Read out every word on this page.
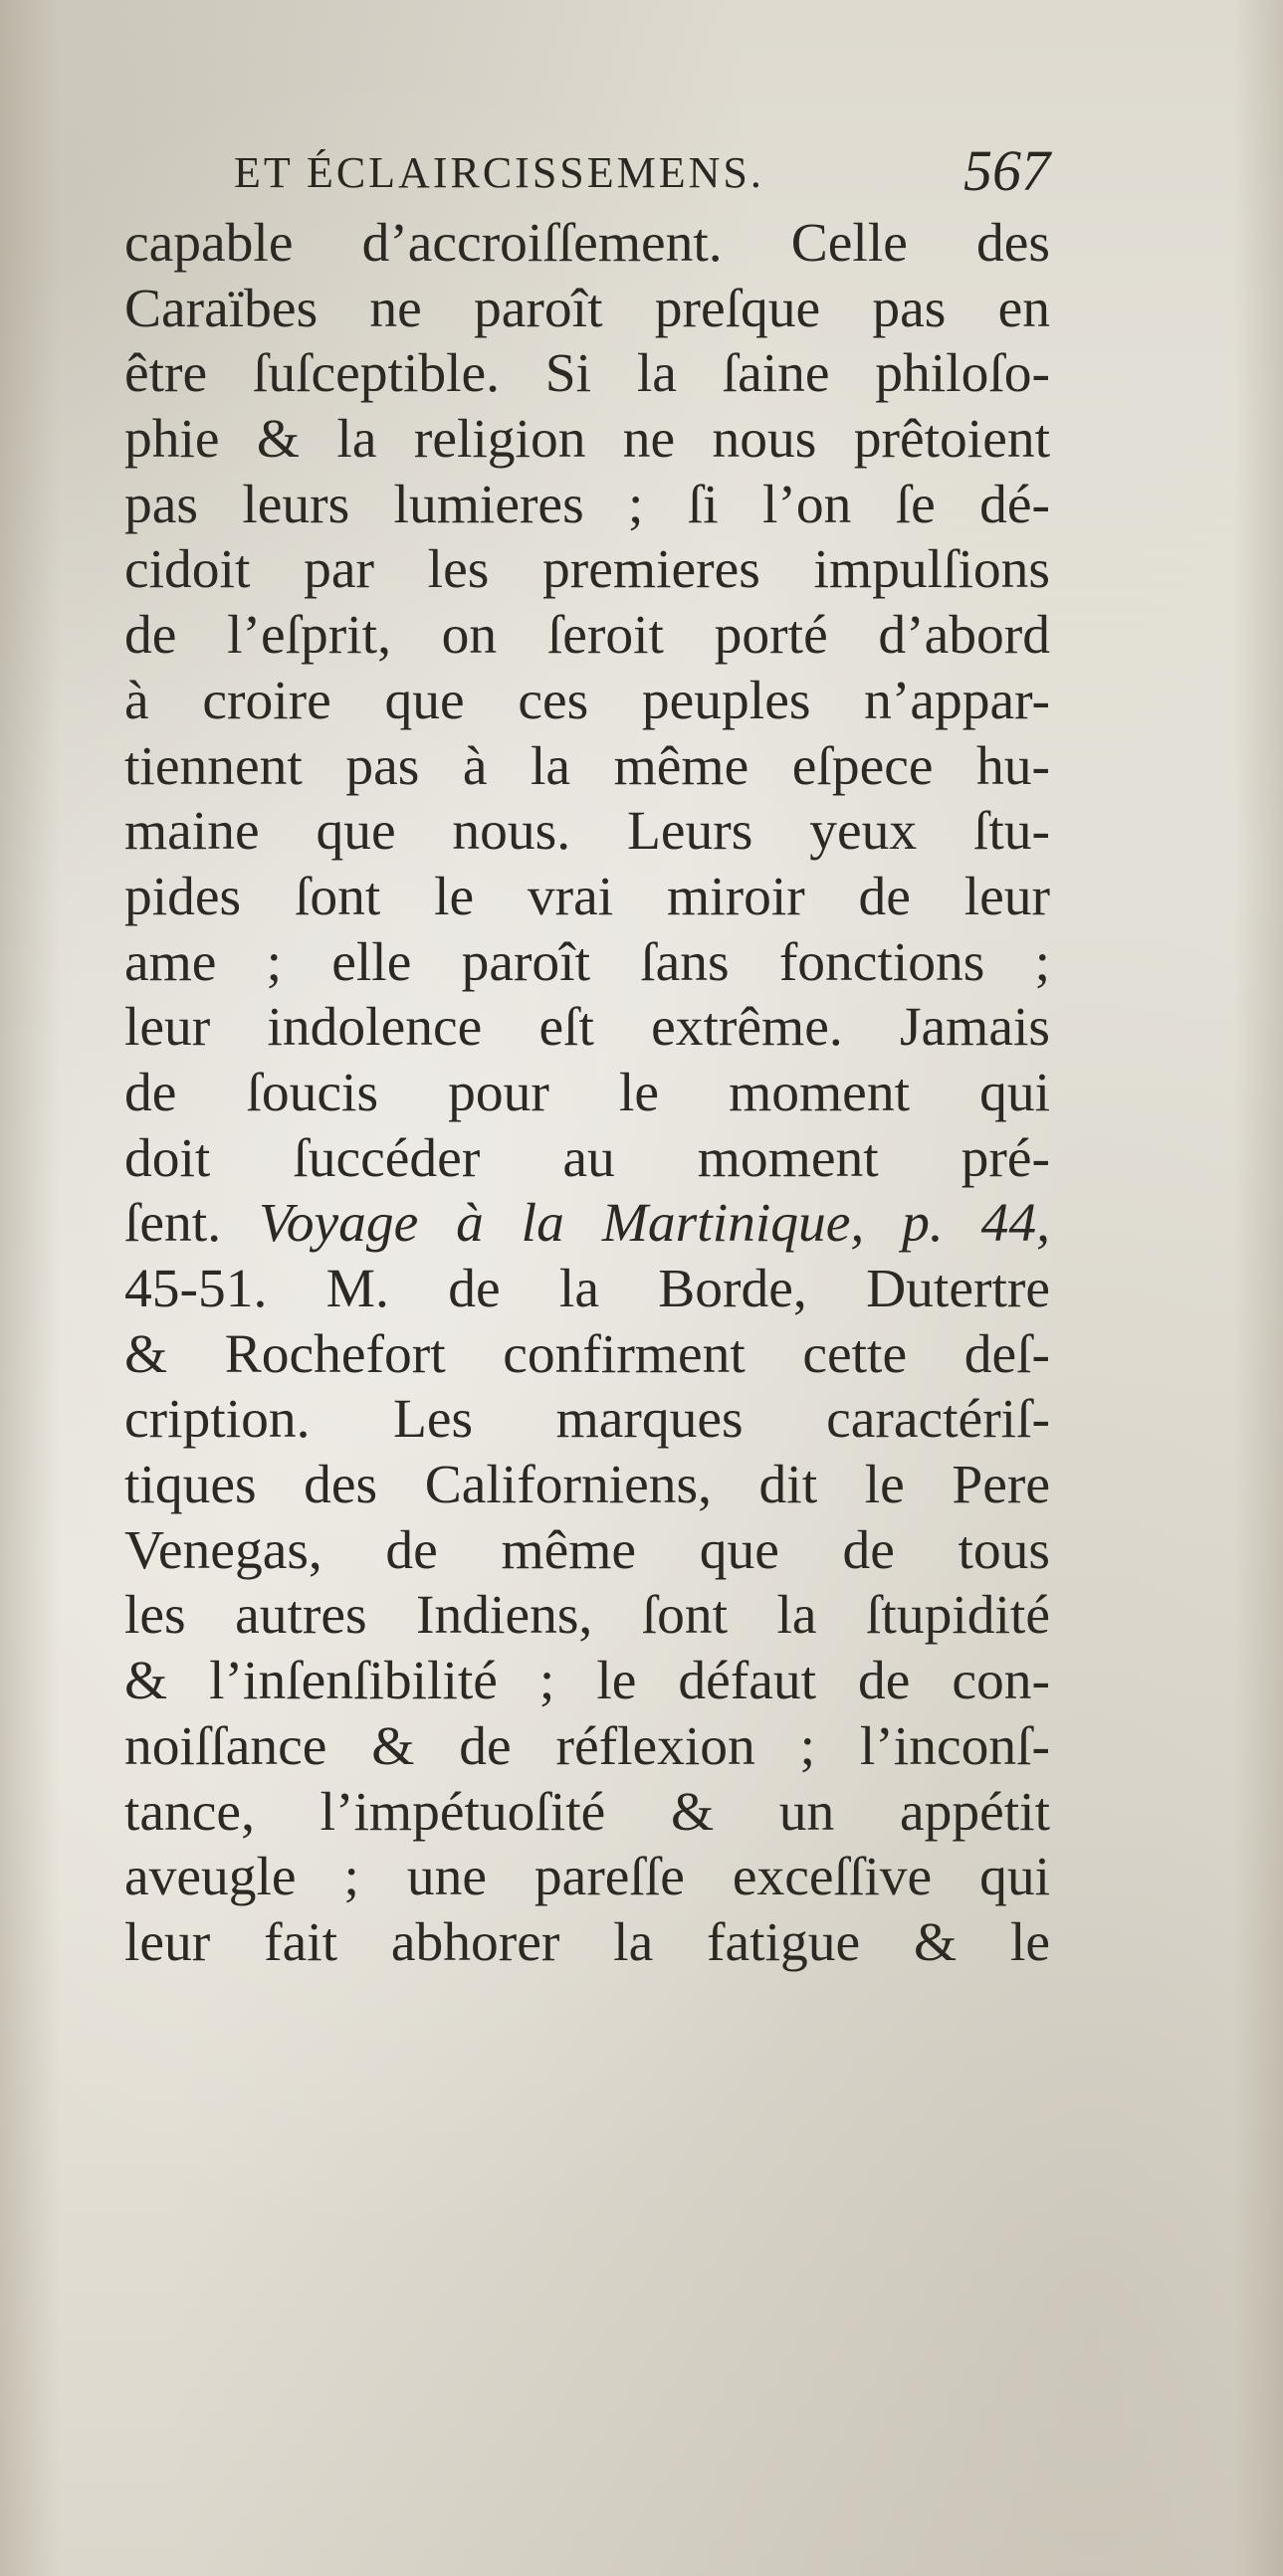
ET ÉCLAIRCISSEMENS.	567
capable d’accroiſſement. Celle des
Caraïbes ne paroît preſque pas en
être ſuſceptible. Si la ſaine philoſo-
phie & la religion ne nous prêtoient
pas leurs lumieres ; ſi l’on ſe dé-
cidoit par les premieres impulſions
de l’eſprit, on ſeroit porté d’abord
à croire que ces peuples n’appar-
tiennent pas à la même eſpece hu-
maine que nous. Leurs yeux ſtu-
pides ſont le vrai miroir de leur
ame ; elle paroît ſans fonctions ;
leur indolence eſt extrême. Jamais
de ſoucis pour le moment qui
doit ſuccéder au moment pré-
ſent. Voyage à la Martinique, p. 44,
45-51. M. de la Borde, Dutertre
& Rochefort confirment cette deſ-
cription. Les marques caractériſ-
tiques des Californiens, dit le Pere
Venegas, de même que de tous
les autres Indiens, ſont la ſtupidité
& l’inſenſibilité ; le défaut de con-
noiſſance & de réflexion ; l’inconſ-
tance, l’impétuoſité & un appétit
aveugle ; une pareſſe exceſſive qui
leur fait abhorer la fatigue & le
